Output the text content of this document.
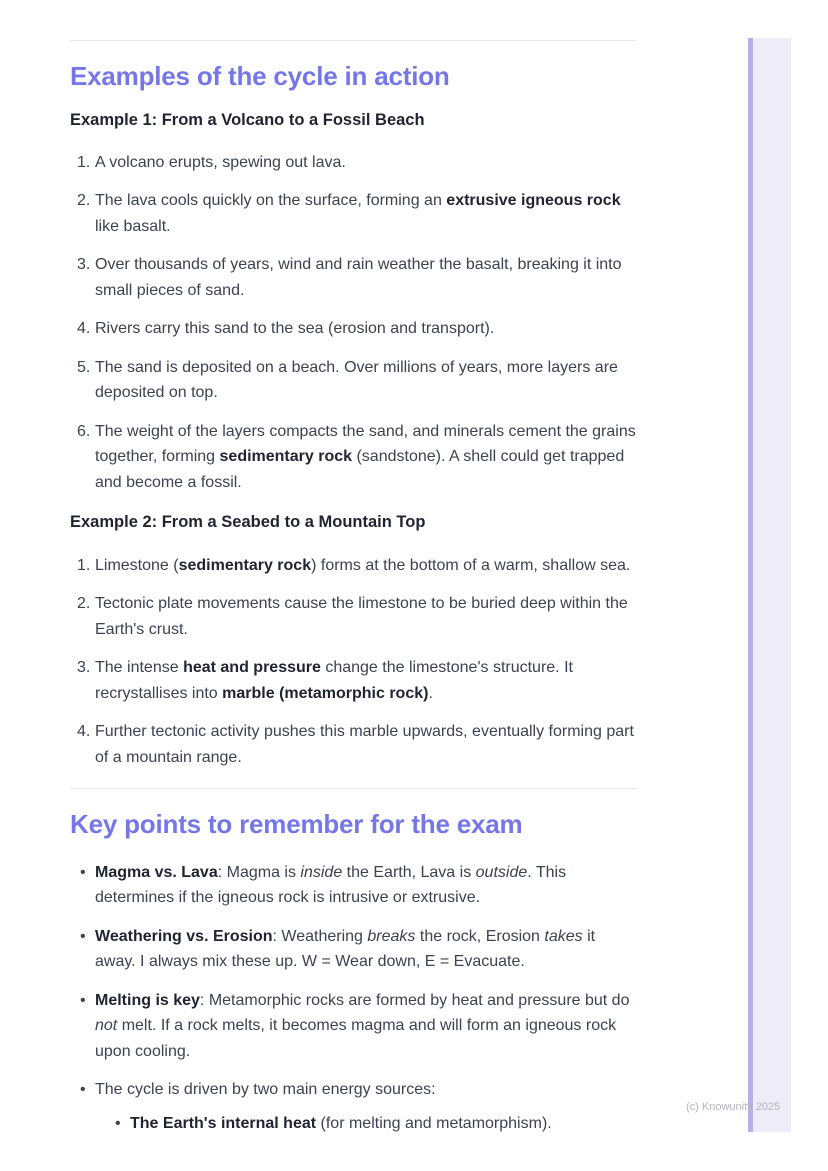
Examples of the cycle in action
Example 1: From a Volcano to a Fossil Beach
1. A volcano erupts, spewing out lava.
2. The lava cools quickly on the surface, forming an extrusive igneous rock like basalt.
3. Over thousands of years, wind and rain weather the basalt, breaking it into small pieces of sand.
4. Rivers carry this sand to the sea (erosion and transport).
5. The sand is deposited on a beach. Over millions of years, more layers are deposited on top.
6. The weight of the layers compacts the sand, and minerals cement the grains together, forming sedimentary rock (sandstone). A shell could get trapped and become a fossil.
Example 2: From a Seabed to a Mountain Top
1. Limestone (sedimentary rock) forms at the bottom of a warm, shallow sea.
2. Tectonic plate movements cause the limestone to be buried deep within the Earth's crust.
3. The intense heat and pressure change the limestone's structure. It recrystallises into marble (metamorphic rock).
4. Further tectonic activity pushes this marble upwards, eventually forming part of a mountain range.
Key points to remember for the exam
• Magma vs. Lava: Magma is inside the Earth, Lava is outside. This determines if the igneous rock is intrusive or extrusive.
• Weathering vs. Erosion: Weathering breaks the rock, Erosion takes it away. I always mix these up. W = Wear down, E = Evacuate.
• Melting is key: Metamorphic rocks are formed by heat and pressure but do not melt. If a rock melts, it becomes magma and will form an igneous rock upon cooling.
• The cycle is driven by two main energy sources:
• The Earth's internal heat (for melting and metamorphism).
(c) Knowunity 2025
